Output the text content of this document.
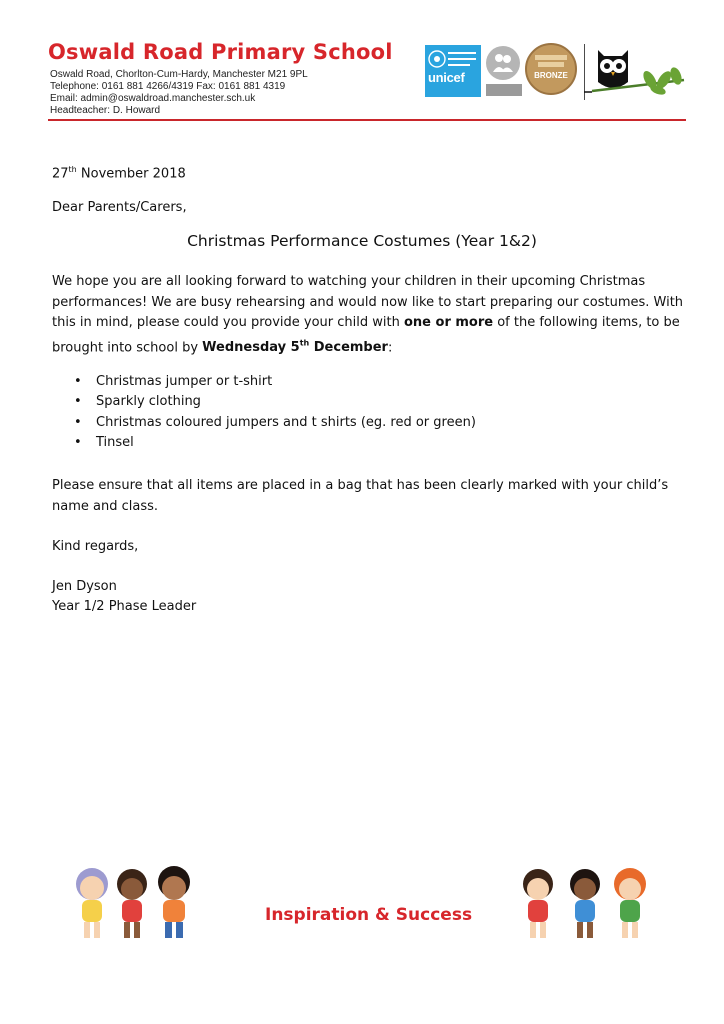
Oswald Road Primary School
Oswald Road, Chorlton-Cum-Hardy, Manchester M21 9PL
Telephone: 0161 881 4266/4319 Fax: 0161 881 4319
Email: admin@oswaldroad.manchester.sch.uk
Headteacher: D. Howard
unicef	BRONZE
27th November 2018
Dear Parents/Carers,
Christmas Performance Costumes (Year 1&2)
We hope you are all looking forward to watching your children in their upcoming Christmas performances! We are busy rehearsing and would now like to start preparing our costumes. With this in mind, please could you provide your child with one or more of the following items, to be brought into school by Wednesday 5th December:
• Christmas jumper or t-shirt
• Sparkly clothing
• Christmas coloured jumpers and t shirts (eg. red or green)
• Tinsel
Please ensure that all items are placed in a bag that has been clearly marked with your child’s name and class.
Kind regards,
Jen Dyson
Year 1/2 Phase Leader
Inspiration & Success
